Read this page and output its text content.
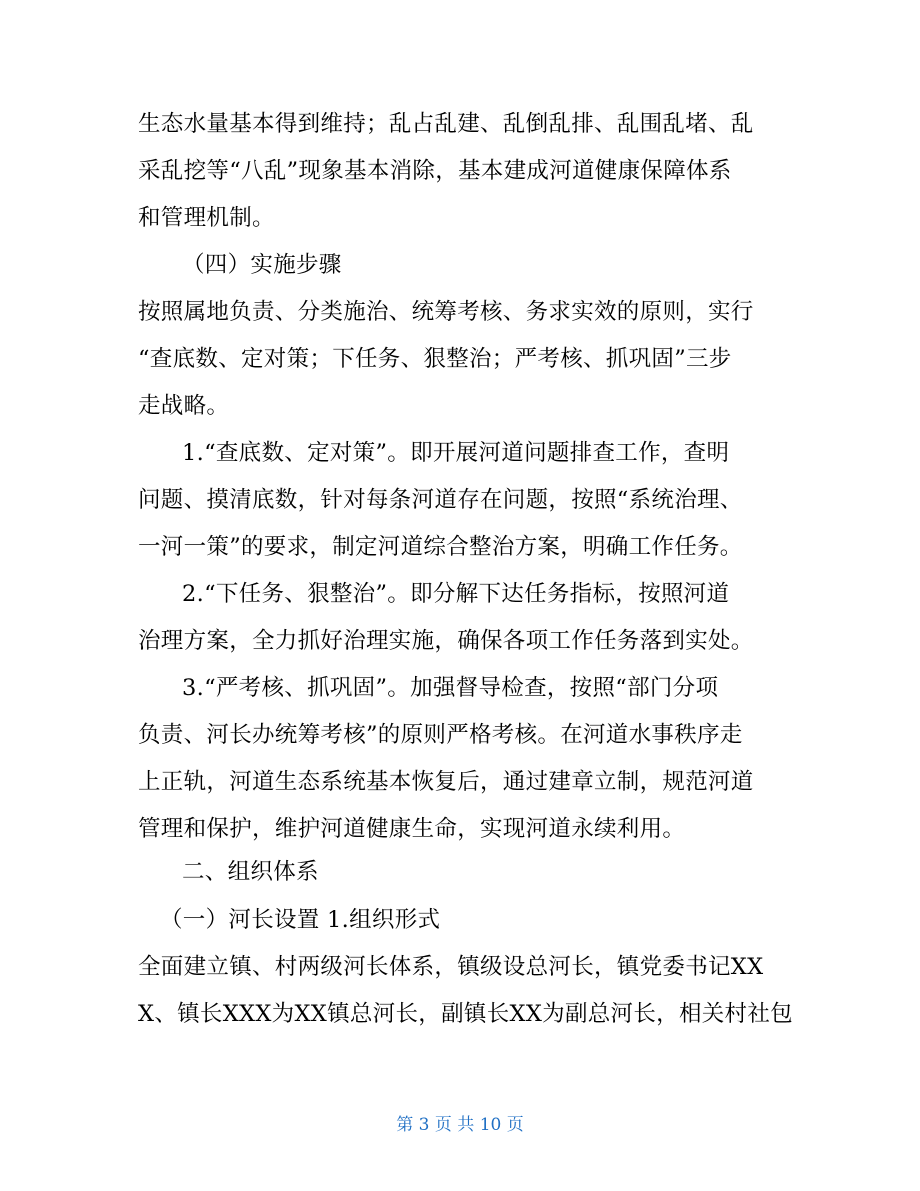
生态水量基本得到维持；乱占乱建、乱倒乱排、乱围乱堵、乱
采乱挖等“八乱”现象基本消除，基本建成河道健康保障体系
和管理机制。
（四）实施步骤
按照属地负责、分类施治、统筹考核、务求实效的原则，实行
“查底数、定对策；下任务、狠整治；严考核、抓巩固”三步
走战略。
1.“查底数、定对策”。即开展河道问题排查工作，查明
问题、摸清底数，针对每条河道存在问题，按照“系统治理、
一河一策”的要求，制定河道综合整治方案，明确工作任务。
2.“下任务、狠整治”。即分解下达任务指标，按照河道
治理方案，全力抓好治理实施，确保各项工作任务落到实处。
3.“严考核、抓巩固”。加强督导检查，按照“部门分项
负责、河长办统筹考核”的原则严格考核。在河道水事秩序走
上正轨，河道生态系统基本恢复后，通过建章立制，规范河道
管理和保护，维护河道健康生命，实现河道永续利用。
二、组织体系
（一）河长设置 1.组织形式
全面建立镇、村两级河长体系，镇级设总河长，镇党委书记XX
X、镇长XXX为XX镇总河长，副镇长XX为副总河长，相关村社包
第 3 页 共 10 页
